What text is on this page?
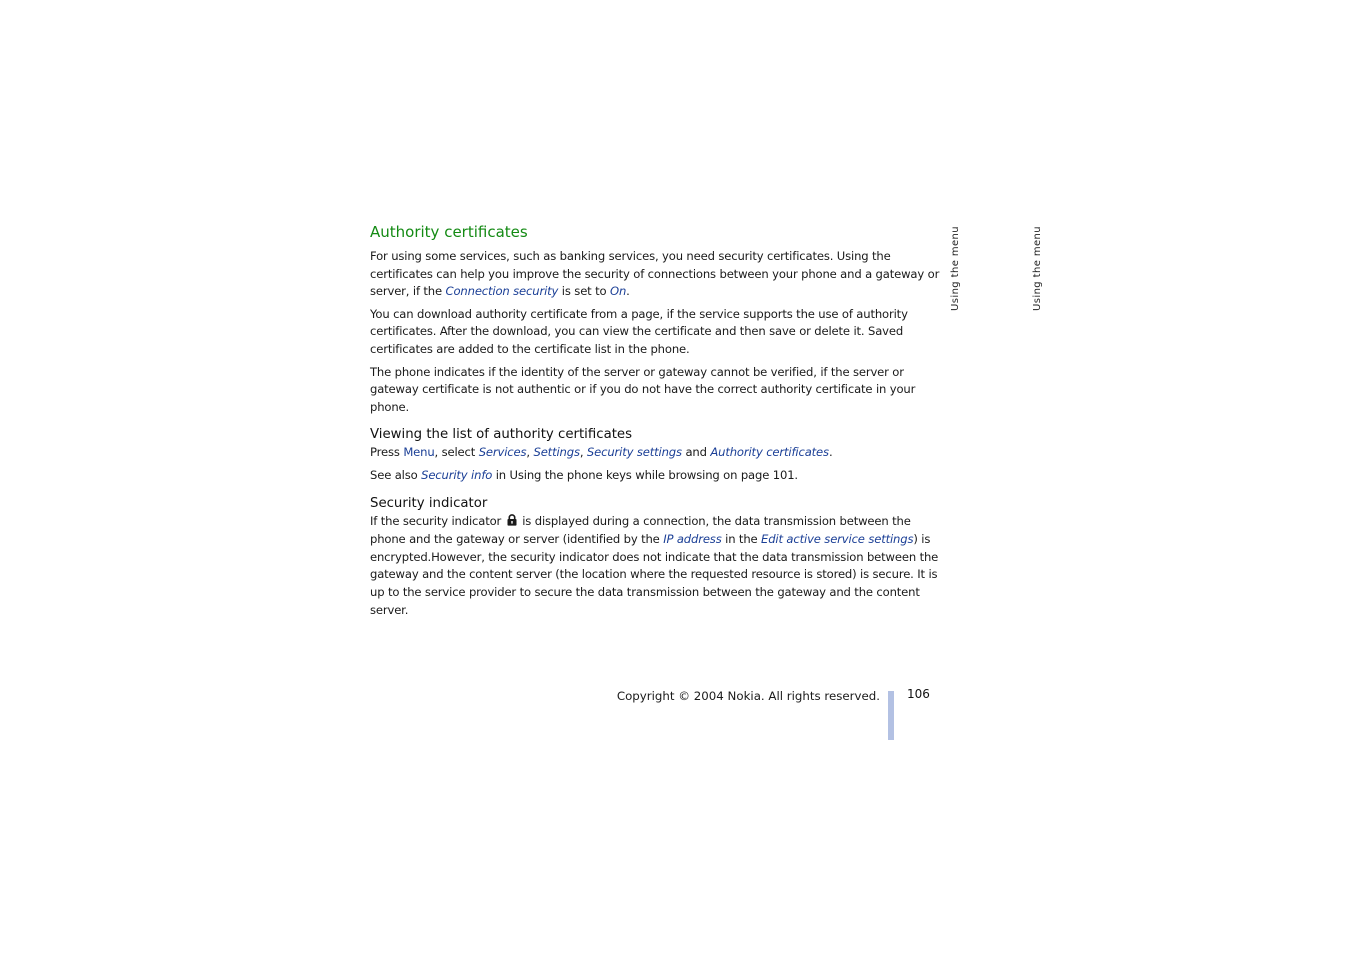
Authority certificates

For using some services, such as banking services, you need security certificates. Using the certificates can help you improve the security of connections between your phone and a gateway or server, if the Connection security is set to On.

You can download authority certificate from a page, if the service supports the use of authority certificates. After the download, you can view the certificate and then save or delete it. Saved certificates are added to the certificate list in the phone.

The phone indicates if the identity of the server or gateway cannot be verified, if the server or gateway certificate is not authentic or if you do not have the correct authority certificate in your phone.

Viewing the list of authority certificates

Press Menu, select Services, Settings, Security settings and Authority certificates.

See also Security info in Using the phone keys while browsing on page 101.

Security indicator

If the security indicator  is displayed during a connection, the data transmission between the phone and the gateway or server (identified by the IP address in the Edit active service settings) is encrypted.However, the security indicator does not indicate that the data transmission between the gateway and the content server (the location where the requested resource is stored) is secure. It is up to the service provider to secure the data transmission between the gateway and the content server.

Using the menu	Using the menu
Copyright © 2004 Nokia. All rights reserved. 106
